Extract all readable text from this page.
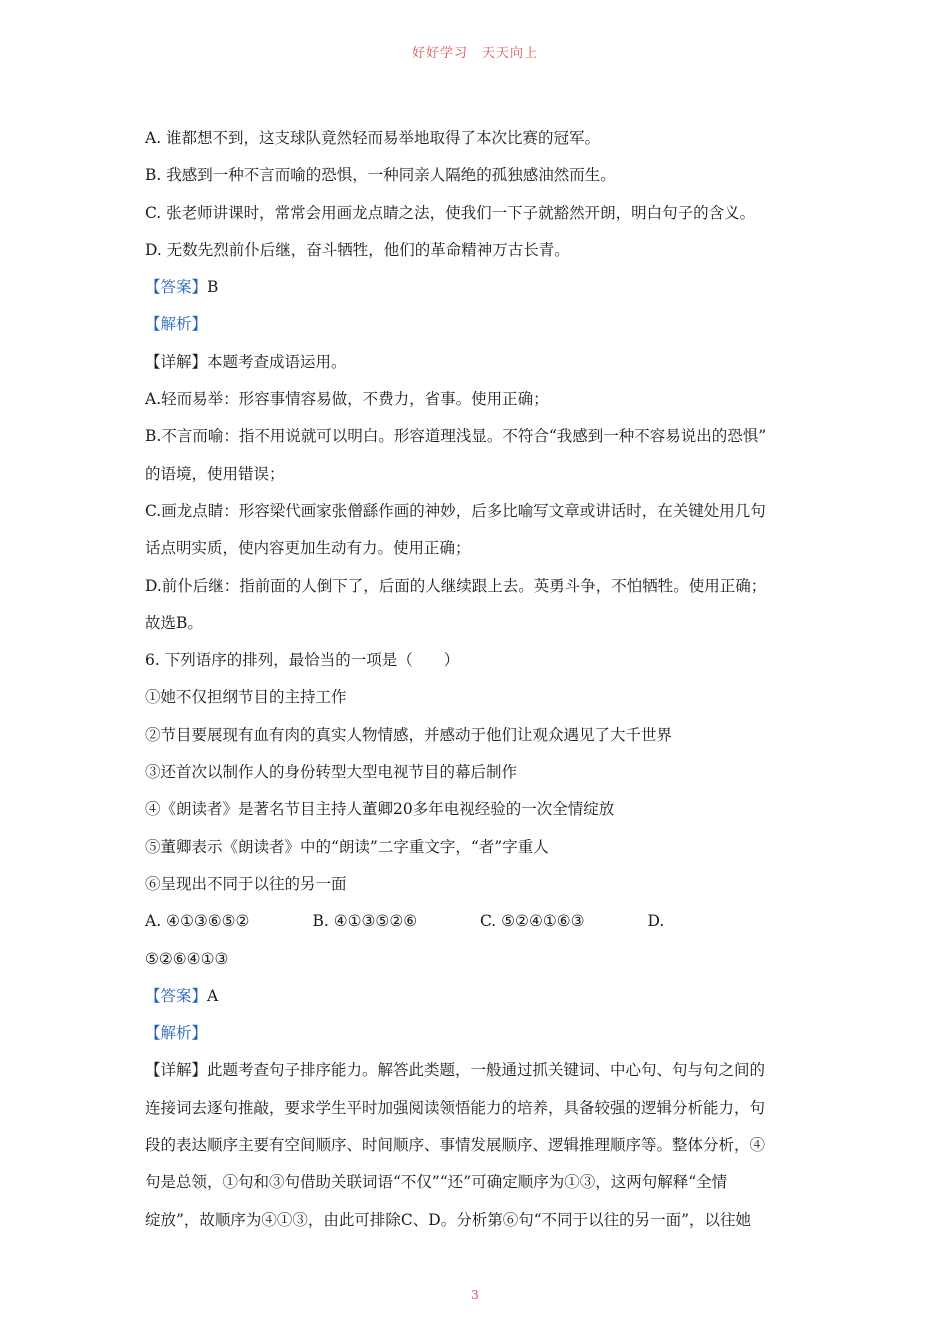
好好学习　天天向上
A. 谁都想不到，这支球队竟然轻而易举地取得了本次比赛的冠军。
B. 我感到一种不言而喻的恐惧，一种同亲人隔绝的孤独感油然而生。
C. 张老师讲课时，常常会用画龙点睛之法，使我们一下子就豁然开朗，明白句子的含义。
D. 无数先烈前仆后继，奋斗牺牲，他们的革命精神万古长青。
【答案】B
【解析】
【详解】本题考查成语运用。
A.轻而易举：形容事情容易做，不费力，省事。使用正确；
B.不言而喻：指不用说就可以明白。形容道理浅显。不符合“我感到一种不容易说出的恐惧”
的语境，使用错误；
C.画龙点睛：形容梁代画家张僧繇作画的神妙，后多比喻写文章或讲话时，在关键处用几句
话点明实质，使内容更加生动有力。使用正确；
D.前仆后继：指前面的人倒下了，后面的人继续跟上去。英勇斗争，不怕牺牲。使用正确；
故选B。
6. 下列语序的排列，最恰当的一项是（　　）
①她不仅担纲节目的主持工作
②节目要展现有血有肉的真实人物情感，并感动于他们让观众遇见了大千世界
③还首次以制作人的身份转型大型电视节目的幕后制作
④《朗读者》是著名节目主持人董卿20多年电视经验的一次全情绽放
⑤董卿表示《朗读者》中的“朗读”二字重文字，“者”字重人
⑥呈现出不同于以往的另一面
A. ④①③⑥⑤②	B. ④①③⑤②⑥	C. ⑤②④①⑥③	D.
⑤②⑥④①③
【答案】A
【解析】
【详解】此题考查句子排序能力。解答此类题，一般通过抓关键词、中心句、句与句之间的
连接词去逐句推敲，要求学生平时加强阅读领悟能力的培养，具备较强的逻辑分析能力，句
段的表达顺序主要有空间顺序、时间顺序、事情发展顺序、逻辑推理顺序等。整体分析，④
句是总领，①句和③句借助关联词语“不仅”“还”可确定顺序为①③，这两句解释“全情
绽放”，故顺序为④①③，由此可排除C、D。分析第⑥句“不同于以往的另一面”，以往她
3
